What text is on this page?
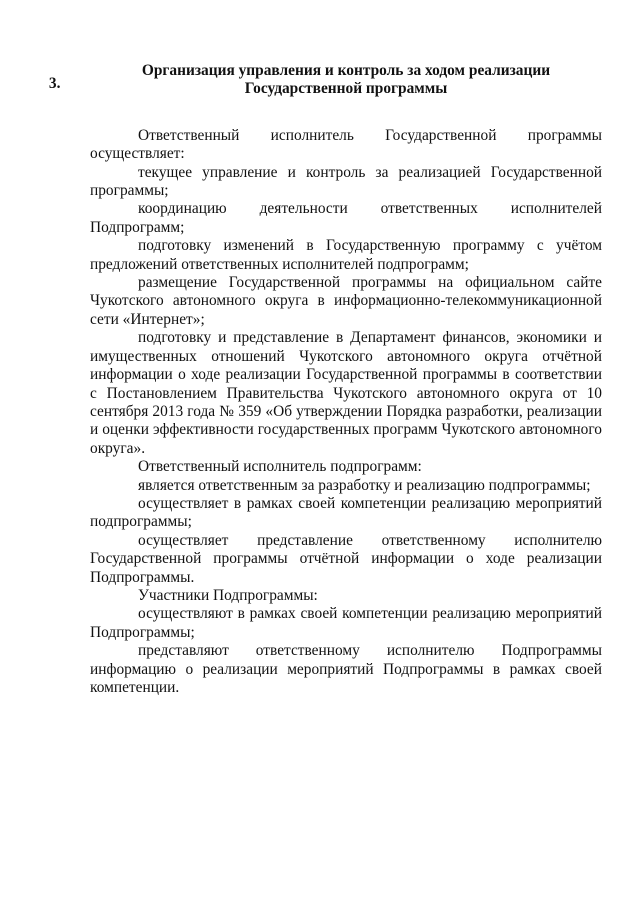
3.
Организация управления и контроль за ходом реализации
Государственной программы

Ответственный исполнитель Государственной программы осуществляет:

текущее управление и контроль за реализацией Государственной программы;

координацию деятельности ответственных исполнителей Подпрограмм;

подготовку изменений в Государственную программу с учётом предложений ответственных исполнителей подпрограмм;

размещение Государственной программы на официальном сайте Чукотского автономного округа в информационно-телекоммуникационной сети «Интернет»;

подготовку и представление в Департамент финансов, экономики и имущественных отношений Чукотского автономного округа отчётной информации о ходе реализации Государственной программы в соответствии с Постановлением Правительства Чукотского автономного округа от 10 сентября 2013 года № 359 «Об утверждении Порядка разработки, реализации и оценки эффективности государственных программ Чукотского автономного округа».

Ответственный исполнитель подпрограмм:

является ответственным за разработку и реализацию подпрограммы;

осуществляет в рамках своей компетенции реализацию мероприятий подпрограммы;

осуществляет представление ответственному исполнителю Государственной программы отчётной информации о ходе реализации Подпрограммы.

Участники Подпрограммы:

осуществляют в рамках своей компетенции реализацию мероприятий Подпрограммы;

представляют ответственному исполнителю Подпрограммы информацию о реализации мероприятий Подпрограммы в рамках своей компетенции.
